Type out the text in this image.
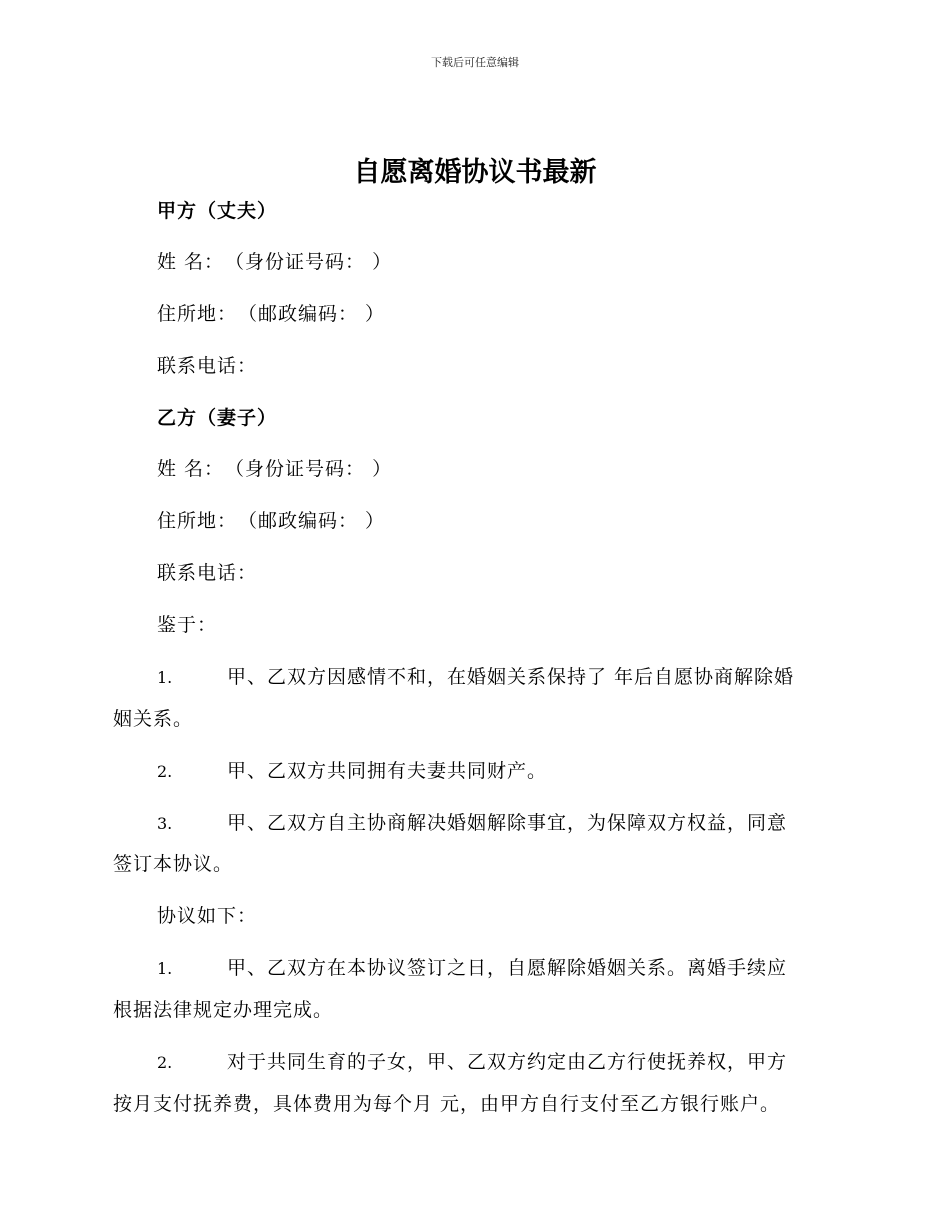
下载后可任意编辑
自愿离婚协议书最新
甲方（丈夫）
姓 名：　（身份证号码： ）
住所地：　（邮政编码： ）
联系电话：
乙方（妻子）
姓 名：　（身份证号码： ）
住所地：　（邮政编码： ）
联系电话：
鉴于：
1.	甲、乙双方因感情不和，在婚姻关系保持了 年后自愿协商解除婚
姻关系。
2.	甲、乙双方共同拥有夫妻共同财产。
3.	甲、乙双方自主协商解决婚姻解除事宜，为保障双方权益，同意
签订本协议。
协议如下：
1.	甲、乙双方在本协议签订之日，自愿解除婚姻关系。离婚手续应
根据法律规定办理完成。
2.	对于共同生育的子女，甲、乙双方约定由乙方行使抚养权，甲方
按月支付抚养费，具体费用为每个月 元，由甲方自行支付至乙方银行账户。
